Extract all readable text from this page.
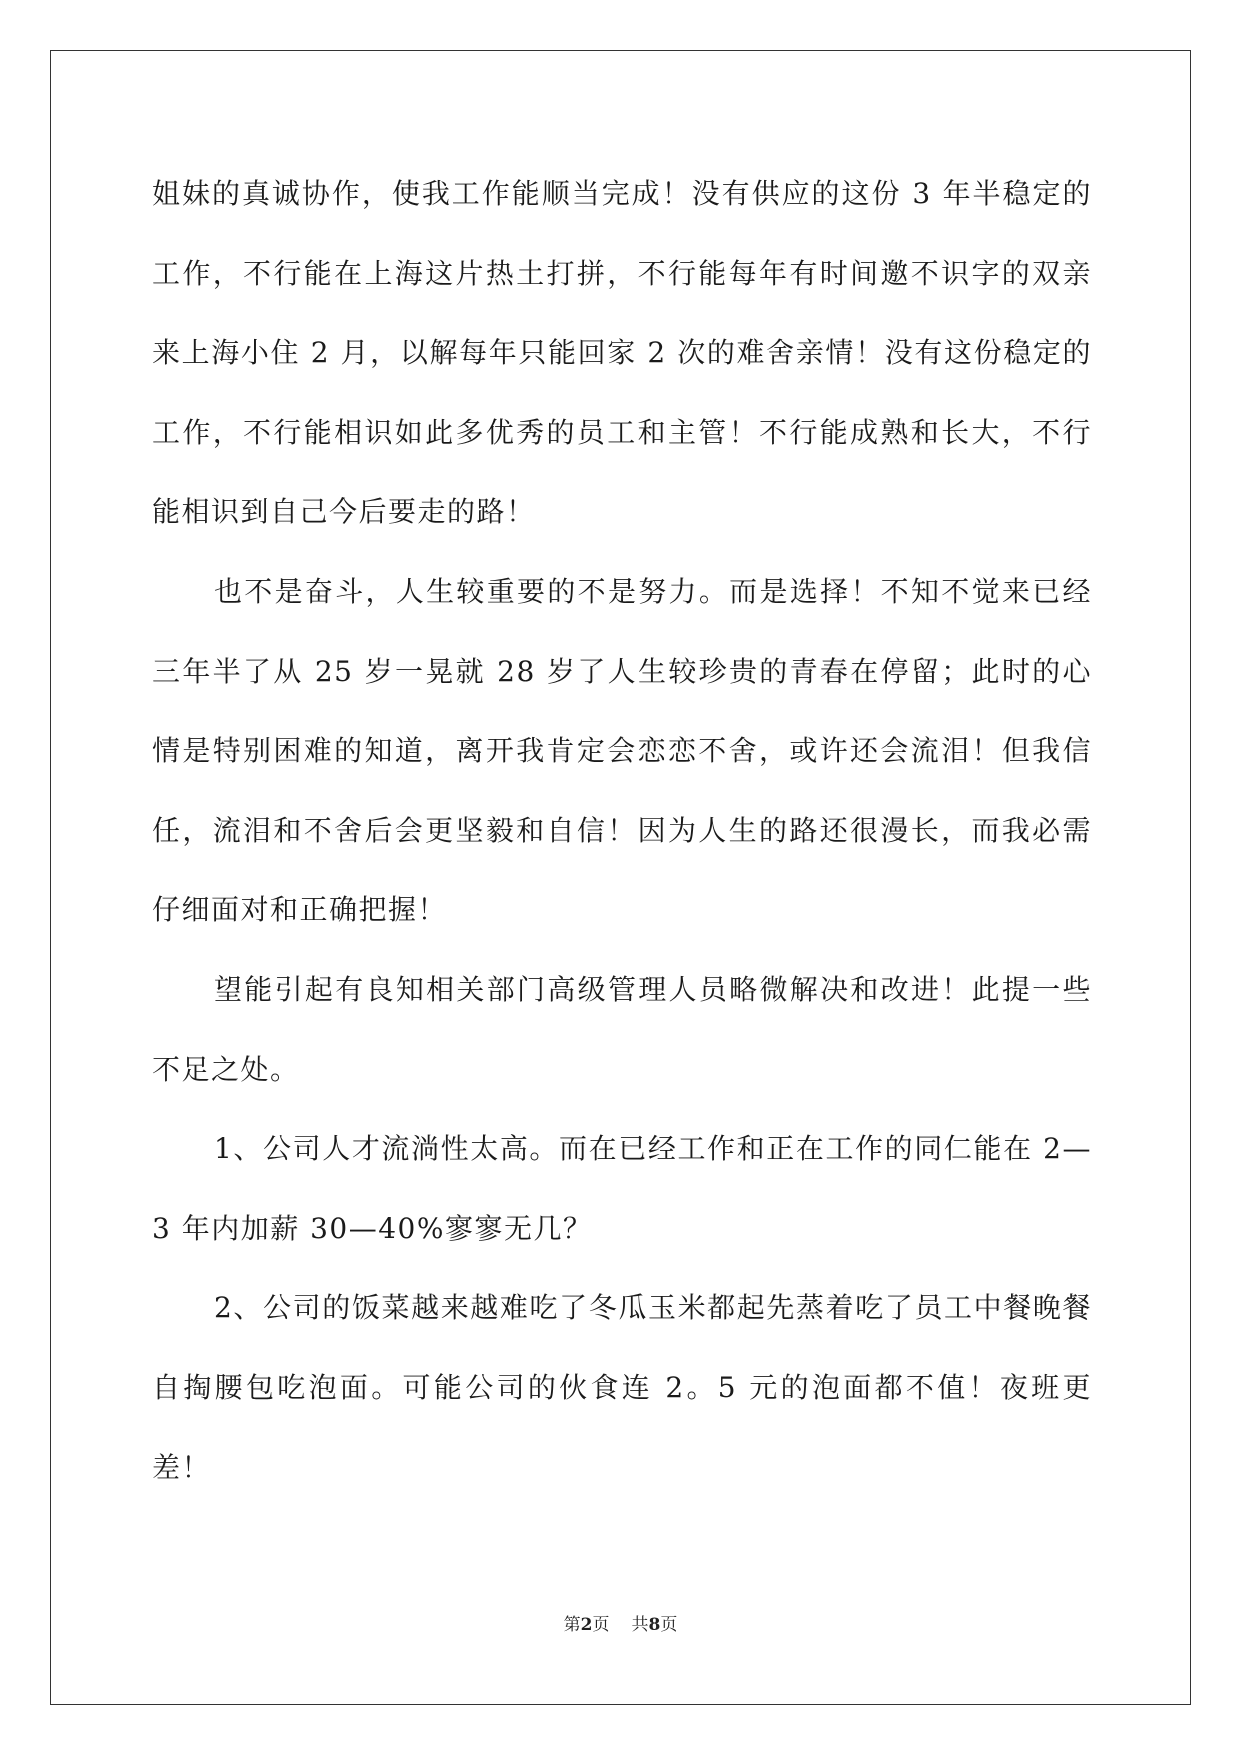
姐妹的真诚协作，使我工作能顺当完成！没有供应的这份 3 年半稳定的工作，不行能在上海这片热土打拼，不行能每年有时间邀不识字的双亲来上海小住 2 月，以解每年只能回家 2 次的难舍亲情！没有这份稳定的工作，不行能相识如此多优秀的员工和主管！不行能成熟和长大，不行能相识到自己今后要走的路！

也不是奋斗，人生较重要的不是努力。而是选择！不知不觉来已经三年半了从 25 岁一晃就 28 岁了人生较珍贵的青春在停留；此时的心情是特别困难的知道，离开我肯定会恋恋不舍，或许还会流泪！但我信任，流泪和不舍后会更坚毅和自信！因为人生的路还很漫长，而我必需仔细面对和正确把握！

望能引起有良知相关部门高级管理人员略微解决和改进！此提一些不足之处。

1、公司人才流淌性太高。而在已经工作和正在工作的同仁能在 2—3 年内加薪 30—40%寥寥无几？

2、公司的饭菜越来越难吃了冬瓜玉米都起先蒸着吃了员工中餐晚餐自掏腰包吃泡面。可能公司的伙食连 2。5 元的泡面都不值！夜班更差！

第2页 共8页
